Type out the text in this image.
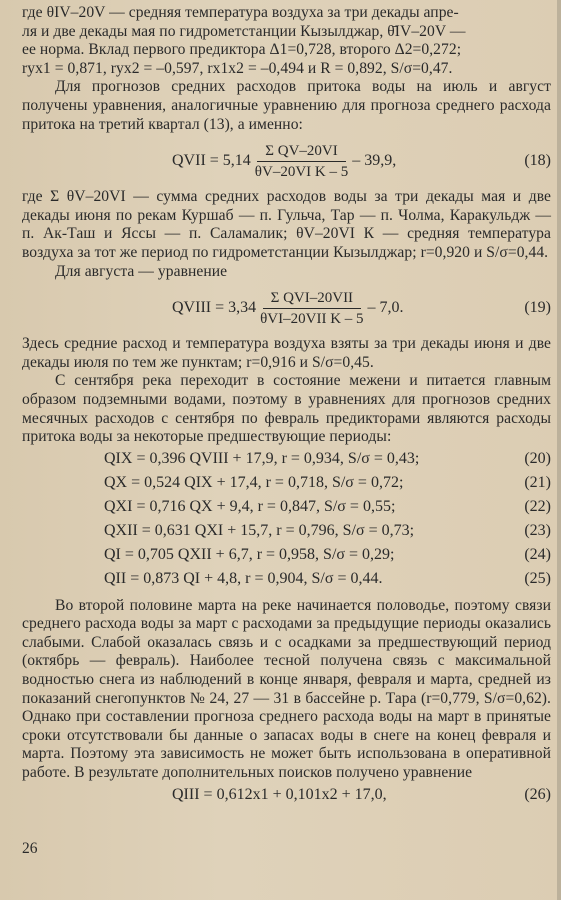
где θIV–20V — средняя температура воздуха за три декады апре-

ля и две декады мая по гидрометстанции Кызылджар, θ̄IV–20V —

ее норма. Вклад первого предиктора Δ1=0,728, второго Δ2=0,272;

ryx1 = 0,871, ryx2 = –0,597, rx1x2 = –0,494 и R = 0,892, S/σ=0,47.

Для прогнозов средних расходов притока воды на июль и август получены уравнения, аналогичные уравнению для прогноза среднего расхода притока на третий квартал (13), а именно:

QVII = $5,14 \frac{\text{Σ QV–20VI}}{\text{θV–20VI K – 5}} - 39,9$,	(18)

где Σ θV–20VI — сумма средних расходов воды за три декады мая и две декады июня по рекам Куршаб — п. Гульча, Тар — п. Чолма, Каракульдж — п. Ак-Таш и Яссы — п. Саламалик; θV–20VI К — средняя температура воздуха за тот же период по гидрометстанции Кызылджар; r=0,920 и S/σ=0,44.

Для августа — уравнение

QVIII = $3,34 \frac{\text{Σ QVI–20VII}}{\text{θVI–20VII K – 5}} - 7,0$.	(19)

Здесь средние расход и температура воздуха взяты за три декады июня и две декады июля по тем же пунктам; r=0,916 и S/σ=0,45.

С сентября река переходит в состояние межени и питается главным образом подземными водами, поэтому в уравнениях для прогнозов средних месячных расходов с сентября по февраль предикторами являются расходы притока воды за некоторые предшествующие периоды:

QIX = 0,396 QVIII + 17,9, r = 0,934, S/σ = 0,43;	(20)
QX = 0,524 QIX + 17,4, r = 0,718, S/σ = 0,72;	(21)
QXI = 0,716 QX + 9,4, r = 0,847, S/σ = 0,55;	(22)
QXII = 0,631 QXI + 15,7, r = 0,796, S/σ = 0,73;	(23)
QI = 0,705 QXII + 6,7, r = 0,958, S/σ = 0,29;	(24)
QII = 0,873 QI + 4,8, r = 0,904, S/σ = 0,44.	(25)

Во второй половине марта на реке начинается половодье, поэтому связи среднего расхода воды за март с расходами за предыдущие периоды оказались слабыми. Слабой оказалась связь и с осадками за предшествующий период (октябрь — февраль). Наиболее тесной получена связь с максимальной водностью снега из наблюдений в конце января, февраля и марта, средней из показаний снегопунктов № 24, 27 — 31 в бассейне р. Тара (r=0,779, S/σ=0,62). Однако при составлении прогноза среднего расхода воды на март в принятые сроки отсутствовали бы данные о запасах воды в снеге на конец февраля и марта. Поэтому эта зависимость не может быть использована в оперативной работе. В результате дополнительных поисков получено уравнение

QIII = 0,612x1 + 0,101x2 + 17,0,	(26)
26
